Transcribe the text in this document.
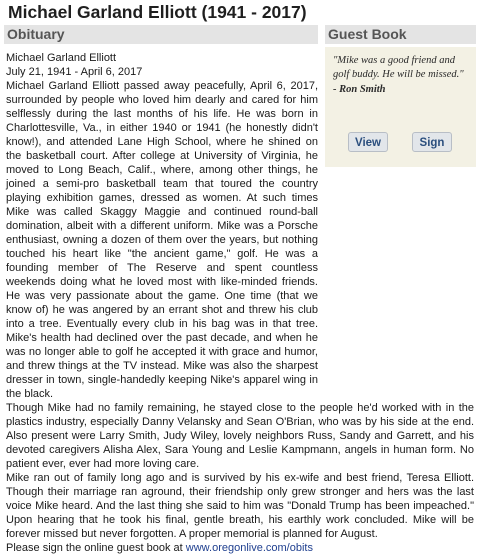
Michael Garland Elliott (1941 - 2017)
Obituary	Guest Book
"Mike was a good friend and golf buddy. He will be missed."
- Ron Smith
View	Sign

Michael Garland Elliott

July 21, 1941 - April 6, 2017

Michael Garland Elliott passed away peacefully, April 6, 2017, surrounded by people who loved him dearly and cared for him selflessly during the last months of his life. He was born in Charlottesville, Va., in either 1940 or 1941 (he honestly didn't know!), and attended Lane High School, where he shined on the basketball court. After college at University of Virginia, he moved to Long Beach, Calif., where, among other things, he joined a semi-pro basketball team that toured the country playing exhibition games, dressed as women. At such times Mike was called Skaggy Maggie and continued round-ball domination, albeit with a different uniform. Mike was a Porsche enthusiast, owning a dozen of them over the years, but nothing touched his heart like "the ancient game," golf. He was a founding member of The Reserve and spent countless weekends doing what he loved most with like-minded friends. He was very passionate about the game. One time (that we know of) he was angered by an errant shot and threw his club into a tree. Eventually every club in his bag was in that tree. Mike's health had declined over the past decade, and when he was no longer able to golf he accepted it with grace and humor, and threw things at the TV instead. Mike was also the sharpest dresser in town, single-handedly keeping Nike's apparel wing in the black.

Though Mike had no family remaining, he stayed close to the people he'd worked with in the plastics industry, especially Danny Velansky and Sean O'Brian, who was by his side at the end. Also present were Larry Smith, Judy Wiley, lovely neighbors Russ, Sandy and Garrett, and his devoted caregivers Alisha Alex, Sara Young and Leslie Kampmann, angels in human form. No patient ever, ever had more loving care.

Mike ran out of family long ago and is survived by his ex-wife and best friend, Teresa Elliott. Though their marriage ran aground, their friendship only grew stronger and hers was the last voice Mike heard. And the last thing she said to him was "Donald Trump has been impeached." Upon hearing that he took his final, gentle breath, his earthly work concluded. Mike will be forever missed but never forgotten. A proper memorial is planned for August.

Please sign the online guest book at www.oregonlive.com/obits
